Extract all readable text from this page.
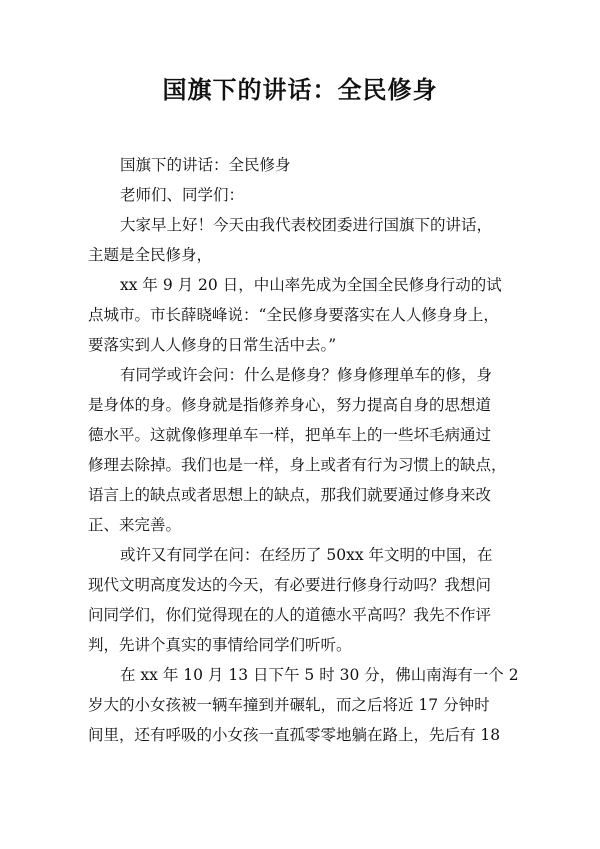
国旗下的讲话：全民修身
国旗下的讲话：全民修身
老师们、同学们：
大家早上好！今天由我代表校团委进行国旗下的讲话，
主题是全民修身，
xx 年 9 月 20 日，中山率先成为全国全民修身行动的试
点城市。市长薛晓峰说：“全民修身要落实在人人修身身上，
要落实到人人修身的日常生活中去。”
有同学或许会问：什么是修身？修身修理单车的修，身
是身体的身。修身就是指修养身心，努力提高自身的思想道
德水平。这就像修理单车一样，把单车上的一些坏毛病通过
修理去除掉。我们也是一样，身上或者有行为习惯上的缺点，
语言上的缺点或者思想上的缺点，那我们就要通过修身来改
正、来完善。
或许又有同学在问：在经历了 50xx 年文明的中国，在
现代文明高度发达的今天，有必要进行修身行动吗？我想问
问同学们，你们觉得现在的人的道德水平高吗？我先不作评
判，先讲个真实的事情给同学们听听。
在 xx 年 10 月 13 日下午 5 时 30 分，佛山南海有一个 2
岁大的小女孩被一辆车撞到并碾轧，而之后将近 17 分钟时
间里，还有呼吸的小女孩一直孤零零地躺在路上，先后有 18
